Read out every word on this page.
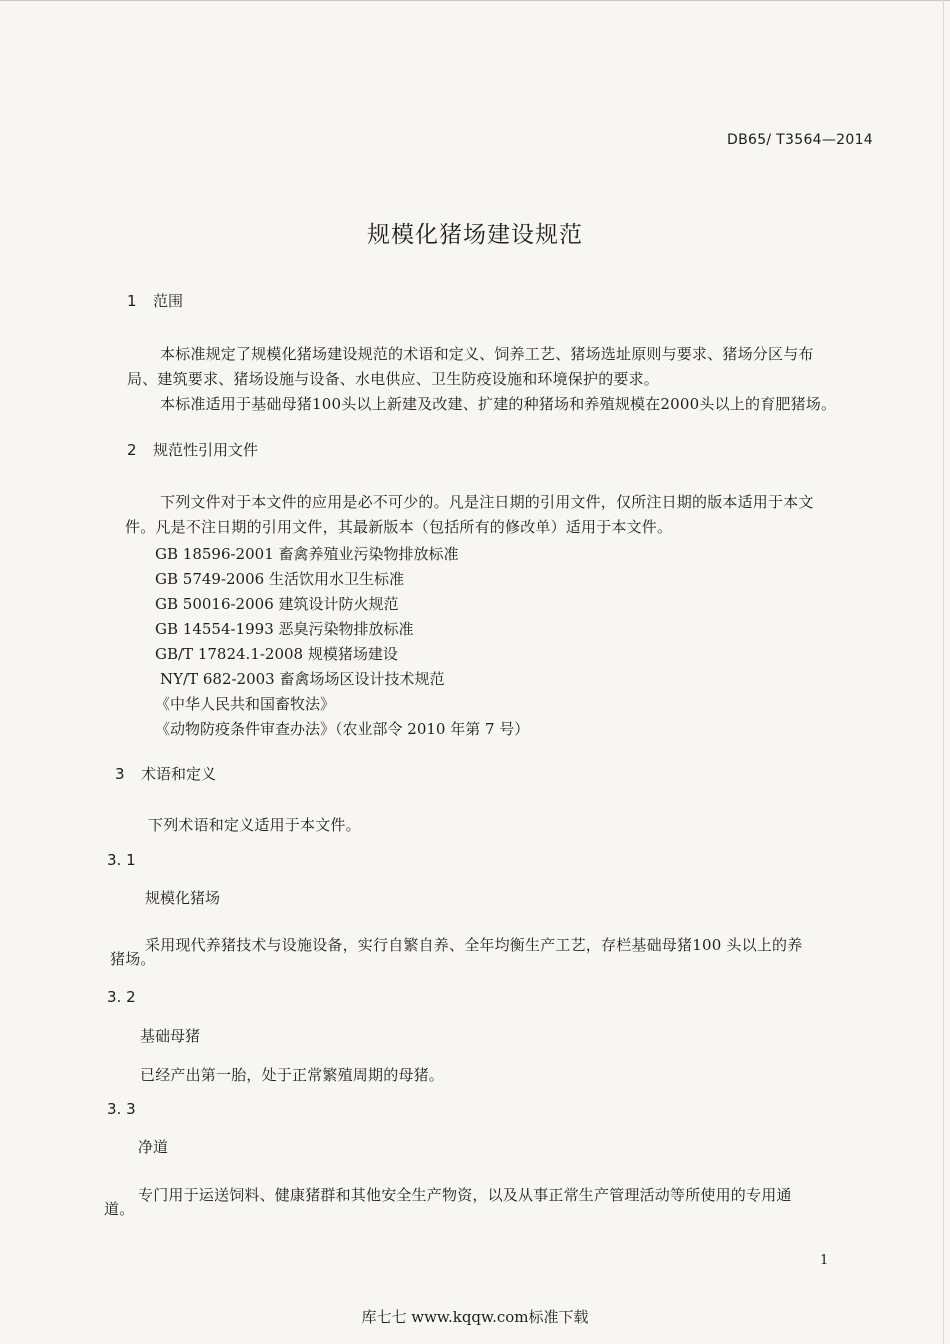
DB65/ T3564—2014
规模化猪场建设规范
1 范围
本标准规定了规模化猪场建设规范的术语和定义、饲养工艺、猪场选址原则与要求、猪场分区与布
局、建筑要求、猪场设施与设备、水电供应、卫生防疫设施和环境保护的要求。
本标准适用于基础母猪100头以上新建及改建、扩建的种猪场和养殖规模在2000头以上的育肥猪场。
2 规范性引用文件
下列文件对于本文件的应用是必不可少的。凡是注日期的引用文件，仅所注日期的版本适用于本文
件。凡是不注日期的引用文件，其最新版本（包括所有的修改单）适用于本文件。
GB 18596-2001 畜禽养殖业污染物排放标准
GB 5749-2006 生活饮用水卫生标准
GB 50016-2006 建筑设计防火规范
GB 14554-1993 恶臭污染物排放标准
GB/T 17824.1-2008 规模猪场建设
NY/T 682-2003 畜禽场场区设计技术规范
《中华人民共和国畜牧法》
《动物防疫条件审查办法》（农业部令 2010 年第 7 号）
3 术语和定义
下列术语和定义适用于本文件。
3. 1
规模化猪场
采用现代养猪技术与设施设备，实行自繁自养、全年均衡生产工艺，存栏基础母猪100 头以上的养
猪场。
3. 2
基础母猪
已经产出第一胎，处于正常繁殖周期的母猪。
3. 3
净道
专门用于运送饲料、健康猪群和其他安全生产物资，以及从事正常生产管理活动等所使用的专用通
道。
1
库七七 www.kqqw.com标准下载
